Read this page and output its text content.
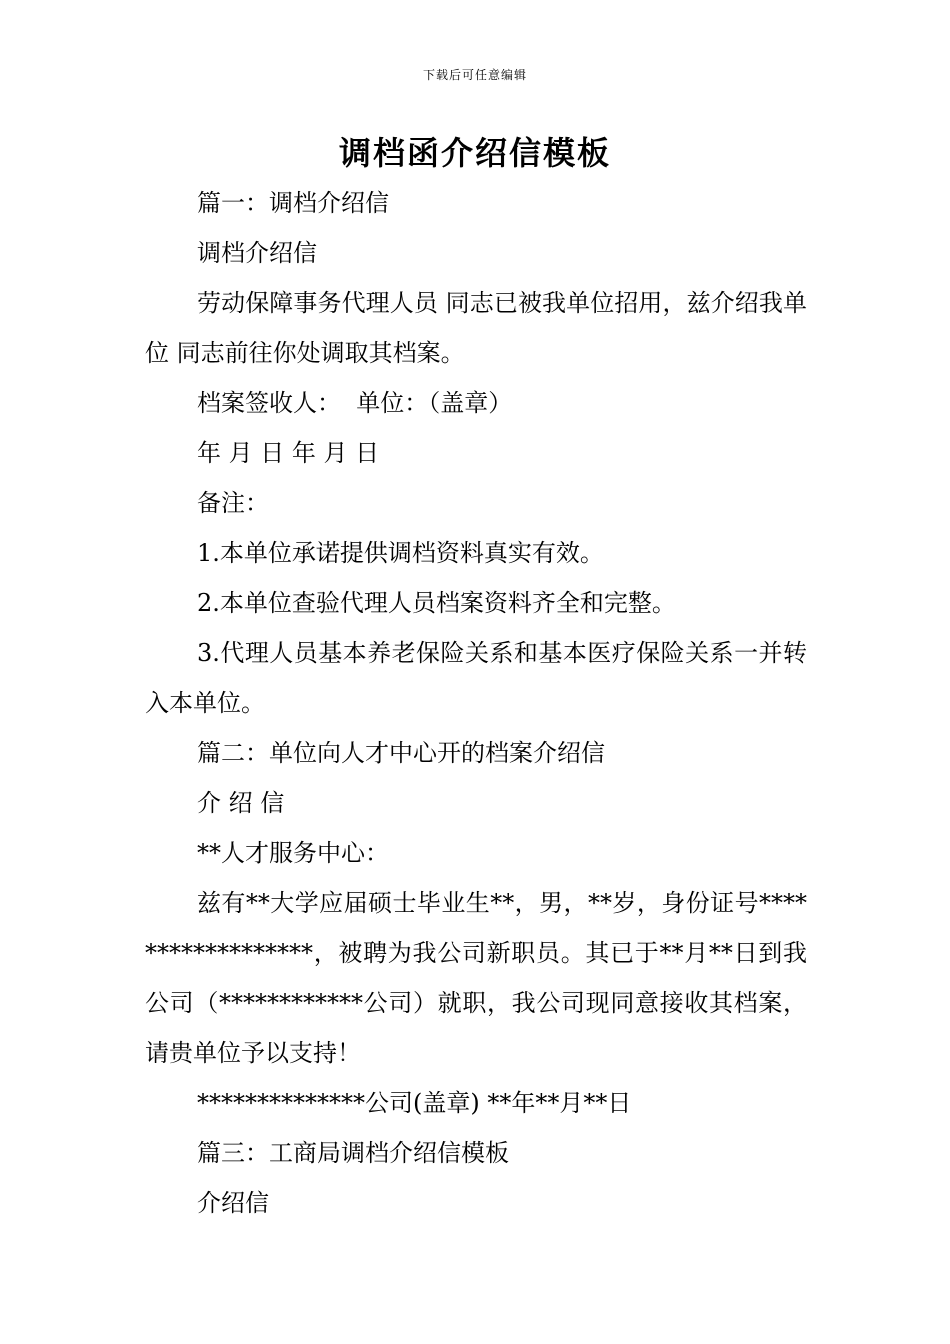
下载后可任意编辑
调档函介绍信模板

篇一：调档介绍信

调档介绍信

劳动保障事务代理人员 同志已被我单位招用，兹介绍我单位 同志前往你处调取其档案。

档案签收人：  单位：（盖章）

年 月 日 年 月 日

备注：

1.本单位承诺提供调档资料真实有效。

2.本单位查验代理人员档案资料齐全和完整。

3.代理人员基本养老保险关系和基本医疗保险关系一并转入本单位。

篇二：单位向人才中心开的档案介绍信

介 绍 信

**人才服务中心：

兹有**大学应届硕士毕业生**，男，**岁，身份证号******************，被聘为我公司新职员。其已于**月**日到我公司（************公司）就职，我公司现同意接收其档案，请贵单位予以支持！

**************公司(盖章) **年**月**日

篇三：工商局调档介绍信模板

介绍信
